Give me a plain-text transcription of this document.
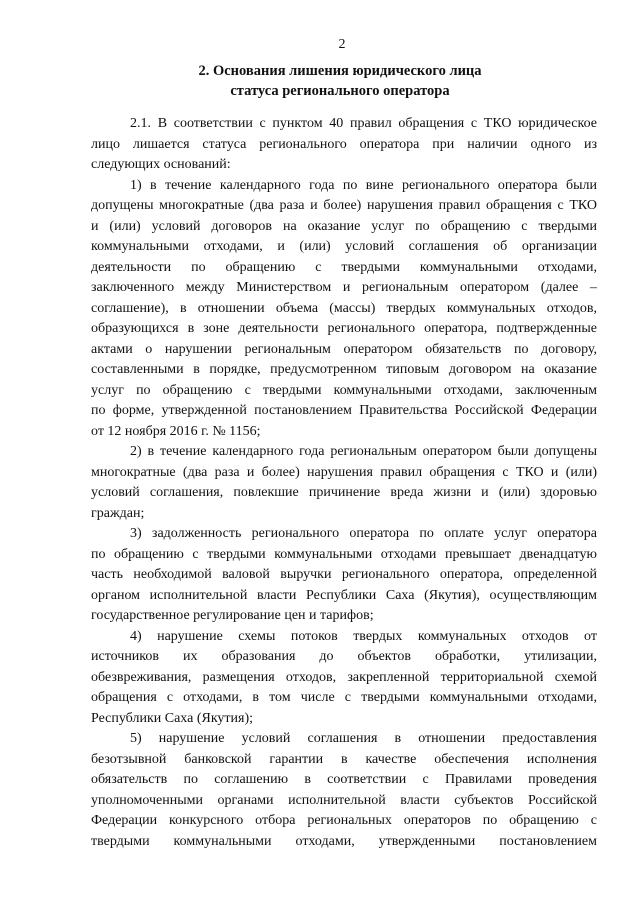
2
2. Основания лишения юридического лица
статуса регионального оператора
2.1. В соответствии с пунктом 40 правил обращения с ТКО юридическое
лицо лишается статуса регионального оператора при наличии одного из
следующих оснований:
1) в течение календарного года по вине регионального оператора были
допущены многократные (два раза и более) нарушения правил обращения с ТКО
и (или) условий договоров на оказание услуг по обращению с твердыми
коммунальными отходами, и (или) условий соглашения об организации
деятельности по обращению с твердыми коммунальными отходами,
заключенного между Министерством и региональным оператором (далее –
соглашение), в отношении объема (массы) твердых коммунальных отходов,
образующихся в зоне деятельности регионального оператора, подтвержденные
актами о нарушении региональным оператором обязательств по договору,
составленными в порядке, предусмотренном типовым договором на оказание
услуг по обращению с твердыми коммунальными отходами, заключенным
по форме, утвержденной постановлением Правительства Российской Федерации
от 12 ноября 2016 г. № 1156;
2) в течение календарного года региональным оператором были допущены
многократные (два раза и более) нарушения правил обращения с ТКО и (или)
условий соглашения, повлекшие причинение вреда жизни и (или) здоровью
граждан;
3) задолженность регионального оператора по оплате услуг оператора
по обращению с твердыми коммунальными отходами превышает двенадцатую
часть необходимой валовой выручки регионального оператора, определенной
органом исполнительной власти Республики Саха (Якутия), осуществляющим
государственное регулирование цен и тарифов;
4) нарушение схемы потоков твердых коммунальных отходов от
источников их образования до объектов обработки, утилизации,
обезвреживания, размещения отходов, закрепленной территориальной схемой
обращения с отходами, в том числе с твердыми коммунальными отходами,
Республики Саха (Якутия);
5) нарушение условий соглашения в отношении предоставления
безотзывной банковской гарантии в качестве обеспечения исполнения
обязательств по соглашению в соответствии с Правилами проведения
уполномоченными органами исполнительной власти субъектов Российской
Федерации конкурсного отбора региональных операторов по обращению с
твердыми коммунальными отходами, утвержденными постановлением
